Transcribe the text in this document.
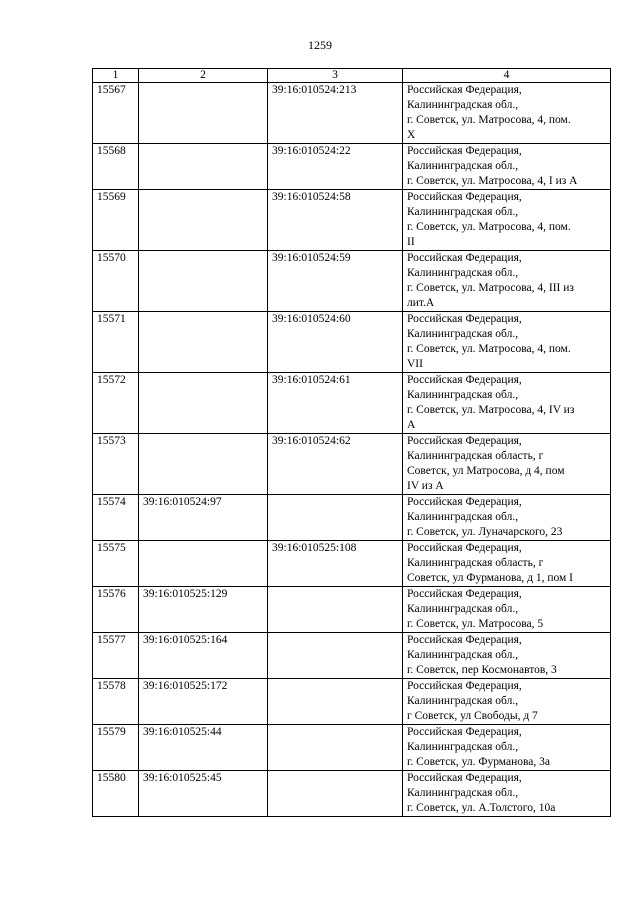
1259
1	2	3	4
15567		39:16:010524:213	Российская Федерация,
Калининградская обл.,
г. Советск, ул. Матросова, 4, пом.
X

15568		39:16:010524:22	Российская Федерация,
Калининградская обл.,
г. Советск, ул. Матросова, 4, I из А

15569		39:16:010524:58	Российская Федерация,
Калининградская обл.,
г. Советск, ул. Матросова, 4, пом.
II

15570		39:16:010524:59	Российская Федерация,
Калининградская обл.,
г. Советск, ул. Матросова, 4, III из
лит.А

15571		39:16:010524:60	Российская Федерация,
Калининградская обл.,
г. Советск, ул. Матросова, 4, пом.
VII

15572		39:16:010524:61	Российская Федерация,
Калининградская обл.,
г. Советск, ул. Матросова, 4, IV из
А

15573		39:16:010524:62	Российская Федерация,
Калининградская область, г
Советск, ул Матросова, д 4, пом
IV из А

15574	39:16:010524:97		Российская Федерация,
Калининградская обл.,
г. Советск, ул. Луначарского, 23

15575		39:16:010525:108	Российская Федерация,
Калининградская область, г
Советск, ул Фурманова, д 1, пом I

15576	39:16:010525:129		Российская Федерация,
Калининградская обл.,
г. Советск, ул. Матросова, 5

15577	39:16:010525:164		Российская Федерация,
Калининградская обл.,
г. Советск, пер Космонавтов, 3

15578	39:16:010525:172		Российская Федерация,
Калининградская обл.,
г Советск, ул Свободы, д 7

15579	39:16:010525:44		Российская Федерация,
Калининградская обл.,
г. Советск, ул. Фурманова, 3а

15580	39:16:010525:45		Российская Федерация,
Калининградская обл.,
г. Советск, ул. А.Толстого, 10а
